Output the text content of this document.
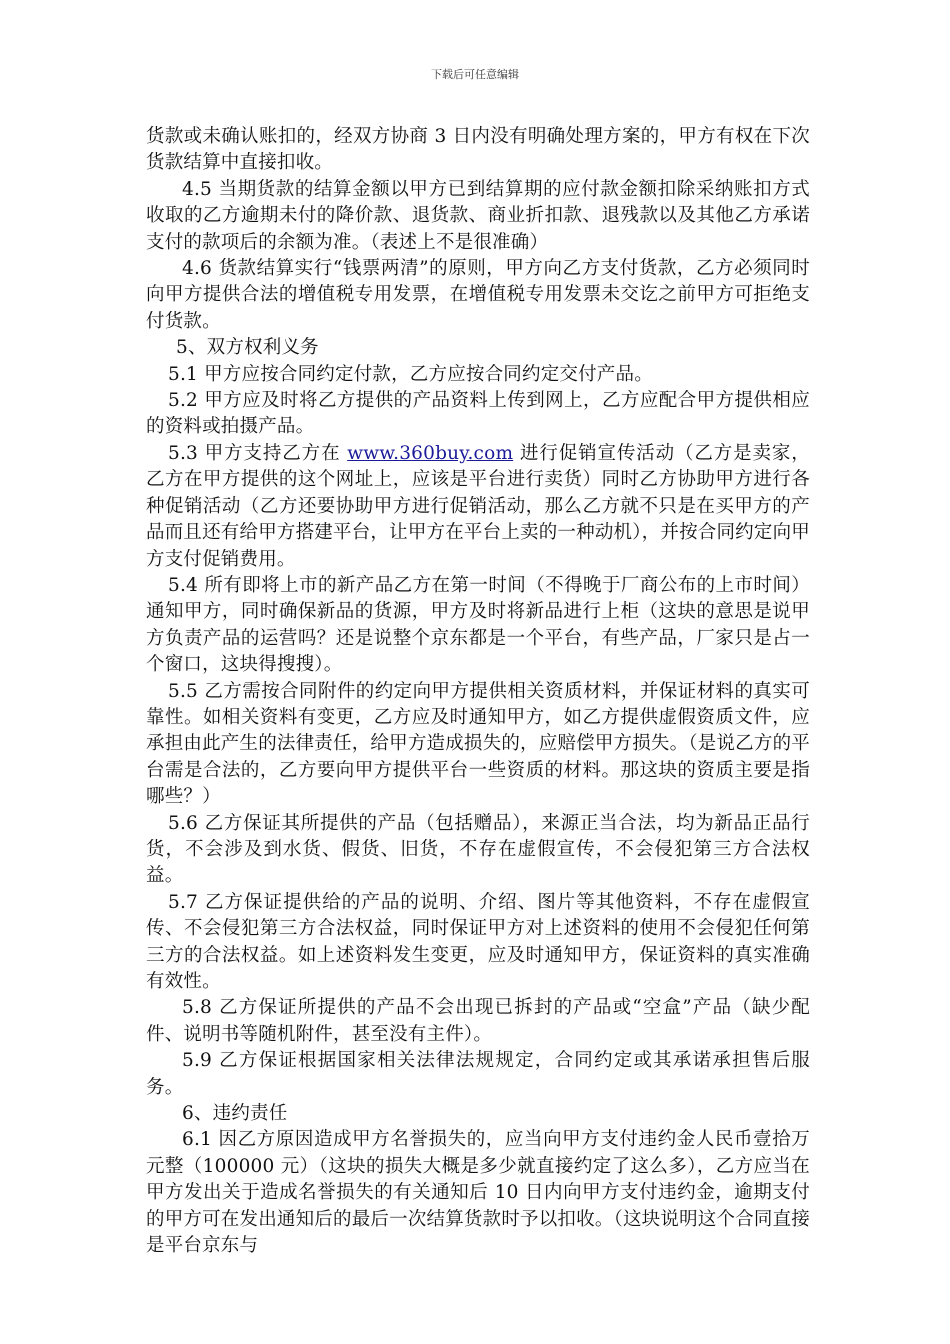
下载后可任意编辑

货款或未确认账扣的，经双方协商 3 日内没有明确处理方案的，甲方有权在下次货款结算中直接扣收。

4.5 当期货款的结算金额以甲方已到结算期的应付款金额扣除采纳账扣方式收取的乙方逾期未付的降价款、退货款、商业折扣款、退残款以及其他乙方承诺支付的款项后的余额为准。（表述上不是很准确）

4.6 货款结算实行“钱票两清”的原则，甲方向乙方支付货款，乙方必须同时向甲方提供合法的增值税专用发票，在增值税专用发票未交讫之前甲方可拒绝支付货款。

5、双方权利义务

5.1 甲方应按合同约定付款，乙方应按合同约定交付产品。

5.2 甲方应及时将乙方提供的产品资料上传到网上，乙方应配合甲方提供相应的资料或拍摄产品。

5.3 甲方支持乙方在 www.360buy.com 进行促销宣传活动（乙方是卖家，乙方在甲方提供的这个网址上，应该是平台进行卖货）同时乙方协助甲方进行各种促销活动（乙方还要协助甲方进行促销活动，那么乙方就不只是在买甲方的产品而且还有给甲方搭建平台，让甲方在平台上卖的一种动机），并按合同约定向甲方支付促销费用。

5.4 所有即将上市的新产品乙方在第一时间（不得晚于厂商公布的上市时间）通知甲方，同时确保新品的货源，甲方及时将新品进行上柜（这块的意思是说甲方负责产品的运营吗？还是说整个京东都是一个平台，有些产品，厂家只是占一个窗口，这块得搜搜）。

5.5 乙方需按合同附件的约定向甲方提供相关资质材料，并保证材料的真实可靠性。如相关资料有变更，乙方应及时通知甲方，如乙方提供虚假资质文件，应承担由此产生的法律责任，给甲方造成损失的，应赔偿甲方损失。（是说乙方的平台需是合法的，乙方要向甲方提供平台一些资质的材料。那这块的资质主要是指哪些？）

5.6 乙方保证其所提供的产品（包括赠品），来源正当合法，均为新品正品行货，不会涉及到水货、假货、旧货，不存在虚假宣传，不会侵犯第三方合法权益。

5.7 乙方保证提供给的产品的说明、介绍、图片等其他资料，不存在虚假宣传、不会侵犯第三方合法权益，同时保证甲方对上述资料的使用不会侵犯任何第三方的合法权益。如上述资料发生变更，应及时通知甲方，保证资料的真实准确有效性。

5.8 乙方保证所提供的产品不会出现已拆封的产品或“空盒”产品（缺少配件、说明书等随机附件，甚至没有主件）。

5.9 乙方保证根据国家相关法律法规规定，合同约定或其承诺承担售后服务。

6、违约责任

6.1 因乙方原因造成甲方名誉损失的，应当向甲方支付违约金人民币壹拾万元整（100000 元）（这块的损失大概是多少就直接约定了这么多），乙方应当在甲方发出关于造成名誉损失的有关通知后 10 日内向甲方支付违约金，逾期支付的甲方可在发出通知后的最后一次结算货款时予以扣收。（这块说明这个合同直接是平台京东与
